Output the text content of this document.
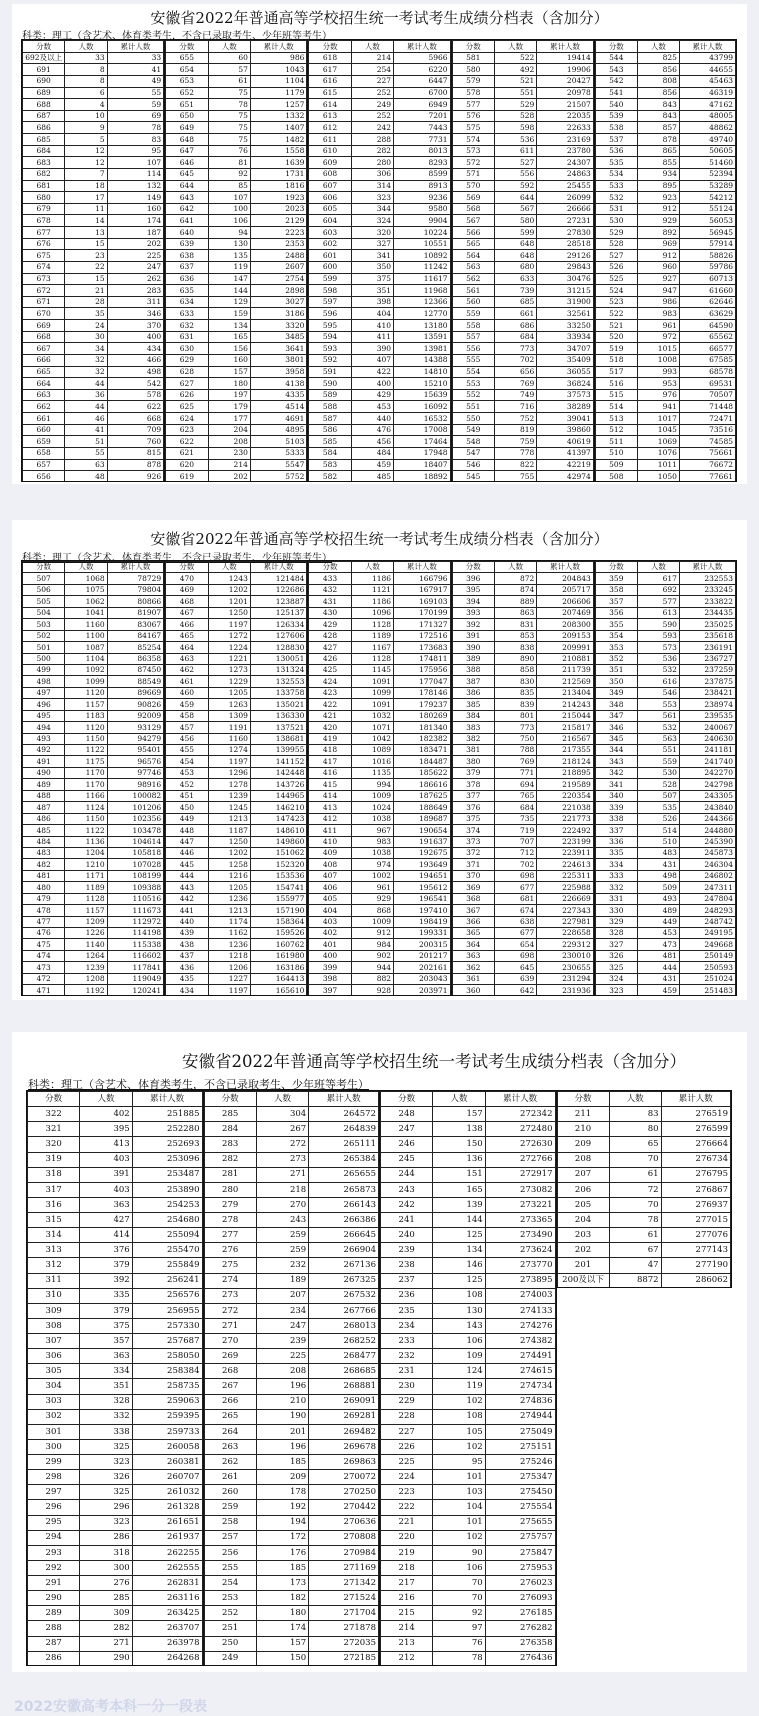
安徽省2022年普通高等学校招生统一考试考生成绩分档表（含加分）
科类：理工（含艺术、体育类考生，不含已录取考生、少年班等考生）
分数	人数	累计人数
692及以上	33	33
691	8	41
690	8	49
689	6	55
688	4	59
687	10	69
686	9	78
685	5	83
684	12	95
683	12	107
682	7	114
681	18	132
680	17	149
679	11	160
678	14	174
677	13	187
676	15	202
675	23	225
674	22	247
673	15	262
672	21	283
671	28	311
670	35	346
669	24	370
668	30	400
667	34	434
666	32	466
665	32	498
664	44	542
663	36	578
662	44	622
661	46	668
660	41	709
659	51	760
658	55	815
657	63	878
656	48	926
分数	人数	累计人数
655	60	986
654	57	1043
653	61	1104
652	75	1179
651	78	1257
650	75	1332
649	75	1407
648	75	1482
647	76	1558
646	81	1639
645	92	1731
644	85	1816
643	107	1923
642	100	2023
641	106	2129
640	94	2223
639	130	2353
638	135	2488
637	119	2607
636	147	2754
635	144	2898
634	129	3027
633	159	3186
632	134	3320
631	165	3485
630	156	3641
629	160	3801
628	157	3958
627	180	4138
626	197	4335
625	179	4514
624	177	4691
623	204	4895
622	208	5103
621	230	5333
620	214	5547
619	202	5752
分数	人数	累计人数
618	214	5966
617	254	6220
616	227	6447
615	252	6700
614	249	6949
613	252	7201
612	242	7443
611	288	7731
610	282	8013
609	280	8293
608	306	8599
607	314	8913
606	323	9236
605	344	9580
604	324	9904
603	320	10224
602	327	10551
601	341	10892
600	350	11242
599	375	11617
598	351	11968
597	398	12366
596	404	12770
595	410	13180
594	411	13591
593	390	13981
592	407	14388
591	422	14810
590	400	15210
589	429	15639
588	453	16092
587	440	16532
586	476	17008
585	456	17464
584	484	17948
583	459	18407
582	485	18892
分数	人数	累计人数
581	522	19414
580	492	19906
579	521	20427
578	551	20978
577	529	21507
576	528	22035
575	598	22633
574	536	23169
573	611	23780
572	527	24307
571	556	24863
570	592	25455
569	644	26099
568	567	26666
567	580	27231
566	599	27830
565	648	28518
564	648	29126
563	680	29843
562	633	30476
561	739	31215
560	685	31900
559	661	32561
558	686	33250
557	684	33934
556	773	34707
555	702	35409
554	656	36055
553	769	36824
552	749	37573
551	716	38289
550	752	39041
549	819	39860
548	759	40619
547	778	41397
546	822	42219
545	755	42974
分数	人数	累计人数
544	825	43799
543	856	44655
542	808	45463
541	856	46319
540	843	47162
539	843	48005
538	857	48862
537	878	49740
536	865	50605
535	855	51460
534	934	52394
533	895	53289
532	923	54212
531	912	55124
530	929	56053
529	892	56945
528	969	57914
527	912	58826
526	960	59786
525	927	60713
524	947	61660
523	986	62646
522	983	63629
521	961	64590
520	972	65562
519	1015	66577
518	1008	67585
517	993	68578
516	953	69531
515	976	70507
514	941	71448
513	1017	72471
512	1045	73516
511	1069	74585
510	1076	75661
509	1011	76672
508	1050	77661
安徽省2022年普通高等学校招生统一考试考生成绩分档表（含加分）
科类：理工（含艺术、体育类考生，不含已录取考生、少年班等考生）
分数	人数	累计人数
507	1068	78729
506	1075	79804
505	1062	80866
504	1041	81907
503	1160	83067
502	1100	84167
501	1087	85254
500	1104	86358
499	1092	87450
498	1099	88549
497	1120	89669
496	1157	90826
495	1183	92009
494	1120	93129
493	1150	94279
492	1122	95401
491	1175	96576
490	1170	97746
489	1170	98916
488	1166	100082
487	1124	101206
486	1150	102356
485	1122	103478
484	1136	104614
483	1204	105818
482	1210	107028
481	1171	108199
480	1189	109388
479	1128	110516
478	1157	111673
477	1209	112972
476	1226	114198
475	1140	115338
474	1264	116602
473	1239	117841
472	1208	119049
471	1192	120241
分数	人数	累计人数
470	1243	121484
469	1202	122686
468	1201	123887
467	1250	125137
466	1197	126334
465	1272	127606
464	1224	128830
463	1221	130051
462	1273	131324
461	1229	132553
460	1205	133758
459	1263	135021
458	1309	136330
457	1191	137521
456	1160	138681
455	1274	139955
454	1197	141152
453	1296	142448
452	1278	143726
451	1239	144965
450	1245	146210
449	1213	147423
448	1187	148610
447	1250	149860
446	1202	151062
445	1258	152320
444	1216	153536
443	1205	154741
442	1236	155977
441	1213	157190
440	1174	158364
439	1162	159526
438	1236	160762
437	1218	161980
436	1206	163186
435	1227	164413
434	1197	165610
分数	人数	累计人数
433	1186	166796
432	1121	167917
431	1186	169103
430	1096	170199
429	1128	171327
428	1189	172516
427	1167	173683
426	1128	174811
425	1145	175956
424	1091	177047
423	1099	178146
422	1091	179237
421	1032	180269
420	1071	181340
419	1042	182382
418	1089	183471
417	1016	184487
416	1135	185622
415	994	186616
414	1009	187625
413	1024	188649
412	1038	189687
411	967	190654
410	983	191637
409	1038	192675
408	974	193649
407	1002	194651
406	961	195612
405	929	196541
404	868	197410
403	1009	198419
402	912	199331
401	984	200315
400	902	201217
399	944	202161
398	882	203043
397	928	203971
分数	人数	累计人数
396	872	204843
395	874	205717
394	889	206606
393	863	207469
392	831	208300
391	853	209153
390	838	209991
389	890	210881
388	858	211739
387	830	212569
386	835	213404
385	839	214243
384	801	215044
383	773	215817
382	750	216567
381	788	217355
380	769	218124
379	771	218895
378	694	219589
377	765	220354
376	684	221038
375	735	221773
374	719	222492
373	707	223199
372	712	223911
371	702	224613
370	698	225311
369	677	225988
368	681	226669
367	674	227343
366	638	227981
365	677	228658
364	654	229312
363	698	230010
362	645	230655
361	639	231294
360	642	231936
分数	人数	累计人数
359	617	232553
358	692	233245
357	577	233822
356	613	234435
355	590	235025
354	593	235618
353	573	236191
352	536	236727
351	532	237259
350	616	237875
349	546	238421
348	553	238974
347	561	239535
346	532	240067
345	563	240630
344	551	241181
343	559	241740
342	530	242270
341	528	242798
340	507	243305
339	535	243840
338	526	244366
337	514	244880
336	510	245390
335	483	245873
334	431	246304
333	498	246802
332	509	247311
331	493	247804
330	489	248293
329	449	248742
328	453	249195
327	473	249668
326	481	250149
325	444	250593
324	431	251024
323	459	251483
安徽省2022年普通高等学校招生统一考试考生成绩分档表（含加分）
科类：理工（含艺术、体育类考生，不含已录取考生、少年班等考生）
分数	人数	累计人数
322	402	251885
321	395	252280
320	413	252693
319	403	253096
318	391	253487
317	403	253890
316	363	254253
315	427	254680
314	414	255094
313	376	255470
312	379	255849
311	392	256241
310	335	256576
309	379	256955
308	375	257330
307	357	257687
306	363	258050
305	334	258384
304	351	258735
303	328	259063
302	332	259395
301	338	259733
300	325	260058
299	323	260381
298	326	260707
297	325	261032
296	296	261328
295	323	261651
294	286	261937
293	318	262255
292	300	262555
291	276	262831
290	285	263116
289	309	263425
288	282	263707
287	271	263978
286	290	264268
分数	人数	累计人数
285	304	264572
284	267	264839
283	272	265111
282	273	265384
281	271	265655
280	218	265873
279	270	266143
278	243	266386
277	259	266645
276	259	266904
275	232	267136
274	189	267325
273	207	267532
272	234	267766
271	247	268013
270	239	268252
269	225	268477
268	208	268685
267	196	268881
266	210	269091
265	190	269281
264	201	269482
263	196	269678
262	185	269863
261	209	270072
260	178	270250
259	192	270442
258	194	270636
257	172	270808
256	176	270984
255	185	271169
254	173	271342
253	182	271524
252	180	271704
251	174	271878
250	157	272035
249	150	272185
分数	人数	累计人数
248	157	272342
247	138	272480
246	150	272630
245	136	272766
244	151	272917
243	165	273082
242	139	273221
241	144	273365
240	125	273490
239	134	273624
238	146	273770
237	125	273895
236	108	274003
235	130	274133
234	143	274276
233	106	274382
232	109	274491
231	124	274615
230	119	274734
229	102	274836
228	108	274944
227	105	275049
226	102	275151
225	95	275246
224	101	275347
223	103	275450
222	104	275554
221	101	275655
220	102	275757
219	90	275847
218	106	275953
217	70	276023
216	70	276093
215	92	276185
214	97	276282
213	76	276358
212	78	276436
分数	人数	累计人数
211	83	276519
210	80	276599
209	65	276664
208	70	276734
207	61	276795
206	72	276867
205	70	276937
204	78	277015
203	61	277076
202	67	277143
201	47	277190
200及以下	8872	286062
2022安徽高考本科一分一段表
